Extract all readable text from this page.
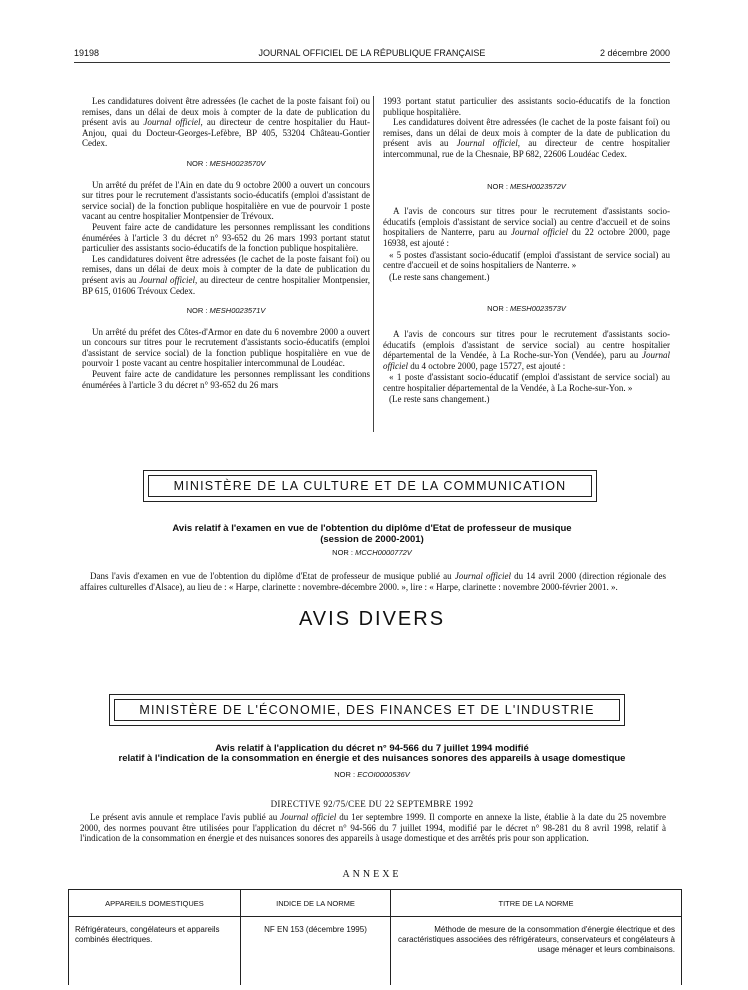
19198	JOURNAL OFFICIEL DE LA RÉPUBLIQUE FRANÇAISE	2 décembre 2000

Les candidatures doivent être adressées (le cachet de la poste faisant foi) ou remises, dans un délai de deux mois à compter de la date de publication du présent avis au Journal officiel, au directeur de centre hospitalier du Haut-Anjou, quai du Docteur-Georges-Lefèbre, BP 405, 53204 Château-Gontier Cedex.

NOR : MESH0023570V

Un arrêté du préfet de l'Ain en date du 9 octobre 2000 a ouvert un concours sur titres pour le recrutement d'assistants socio-éducatifs (emploi d'assistant de service social) de la fonction publique hospitalière en vue de pourvoir 1 poste vacant au centre hospitalier Montpensier de Trévoux.

Peuvent faire acte de candidature les personnes remplissant les conditions énumérées à l'article 3 du décret n° 93-652 du 26 mars 1993 portant statut particulier des assistants socio-éducatifs de la fonction publique hospitalière.

Les candidatures doivent être adressées (le cachet de la poste faisant foi) ou remises, dans un délai de deux mois à compter de la date de publication du présent avis au Journal officiel, au directeur de centre hospitalier Montpensier, BP 615, 01606 Trévoux Cedex.

NOR : MESH0023571V

Un arrêté du préfet des Côtes-d'Armor en date du 6 novembre 2000 a ouvert un concours sur titres pour le recrutement d'assistants socio-éducatifs (emploi d'assistant de service social) de la fonction publique hospitalière en vue de pourvoir 1 poste vacant au centre hospitalier intercommunal de Loudéac.

Peuvent faire acte de candidature les personnes remplissant les conditions énumérées à l'article 3 du décret n° 93-652 du 26 mars

1993 portant statut particulier des assistants socio-éducatifs de la fonction publique hospitalière.

Les candidatures doivent être adressées (le cachet de la poste faisant foi) ou remises, dans un délai de deux mois à compter de la date de publication du présent avis au Journal officiel, au directeur de centre hospitalier intercommunal, rue de la Chesnaie, BP 682, 22606 Loudéac Cedex.

NOR : MESH0023572V

A l'avis de concours sur titres pour le recrutement d'assistants socio-éducatifs (emplois d'assistant de service social) au centre d'accueil et de soins hospitaliers de Nanterre, paru au Journal officiel du 22 octobre 2000, page 16938, est ajouté :

« 5 postes d'assistant socio-éducatif (emploi d'assistant de service social) au centre d'accueil et de soins hospitaliers de Nanterre. »

(Le reste sans changement.)

NOR : MESH0023573V

A l'avis de concours sur titres pour le recrutement d'assistants socio-éducatifs (emplois d'assistant de service social) au centre hospitalier départemental de la Vendée, à La Roche-sur-Yon (Vendée), paru au Journal officiel du 4 octobre 2000, page 15727, est ajouté :

« 1 poste d'assistant socio-éducatif (emploi d'assistant de service social) au centre hospitalier départemental de la Vendée, à La Roche-sur-Yon. »

(Le reste sans changement.)

MINISTÈRE DE LA CULTURE ET DE LA COMMUNICATION
Avis relatif à l'examen en vue de l'obtention du diplôme d'Etat de professeur de musique
(session de 2000-2001)
NOR : MCCH0000772V

Dans l'avis d'examen en vue de l'obtention du diplôme d'Etat de professeur de musique publié au Journal officiel du 14 avril 2000 (direction régionale des affaires culturelles d'Alsace), au lieu de : « Harpe, clarinette : novembre-décembre 2000. », lire : « Harpe, clarinette : novembre 2000-février 2001. ».

AVIS DIVERS
MINISTÈRE DE L'ÉCONOMIE, DES FINANCES ET DE L'INDUSTRIE
Avis relatif à l'application du décret n° 94-566 du 7 juillet 1994 modifié
relatif à l'indication de la consommation en énergie et des nuisances sonores des appareils à usage domestique
NOR : ECOI0000536V
DIRECTIVE 92/75/CEE DU 22 SEPTEMBRE 1992

Le présent avis annule et remplace l'avis publié au Journal officiel du 1er septembre 1999. Il comporte en annexe la liste, établie à la date du 25 novembre 2000, des normes pouvant être utilisées pour l'application du décret n° 94-566 du 7 juillet 1994, modifié par le décret n° 98-281 du 8 avril 1998, relatif à l'indication de la consommation en énergie et des nuisances sonores des appareils à usage domestique et des arrêtés pris pour son application.

ANNEXE
APPAREILS DOMESTIQUES	INDICE DE LA NORME	TITRE DE LA NORME
Réfrigérateurs, congélateurs et appareils combinés électriques.	NF EN 153 (décembre 1995)	Méthode de mesure de la consommation d'énergie électrique et des caractéristiques associées des réfrigérateurs, conservateurs et congélateurs à usage ménager et leurs combinaisons.
